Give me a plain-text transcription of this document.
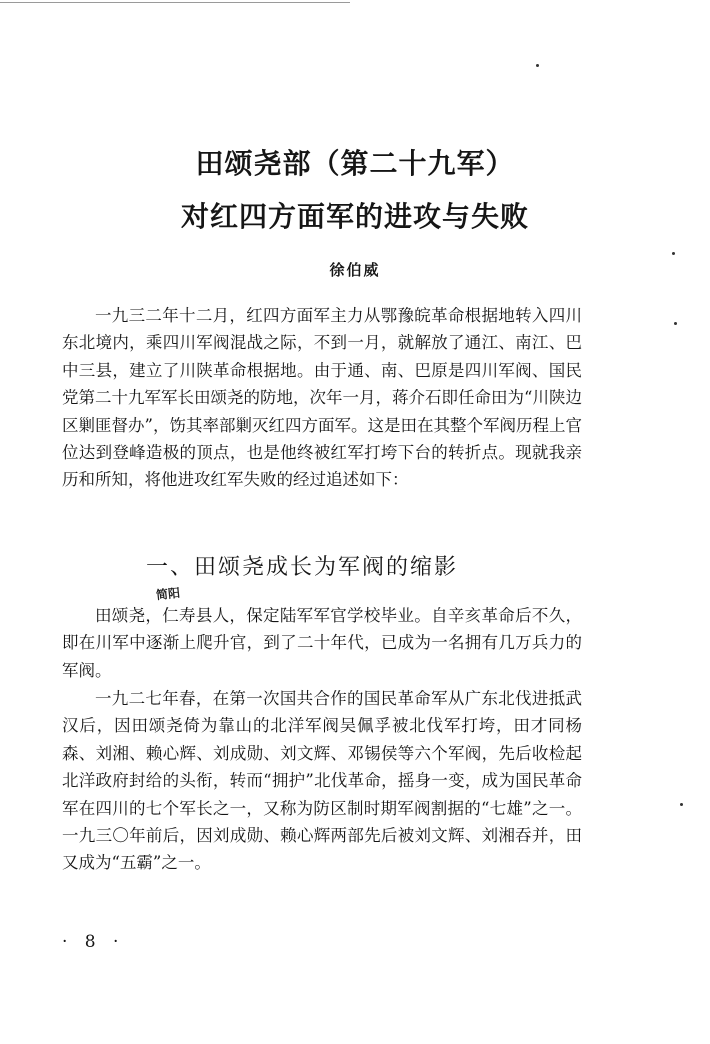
田颂尧部（第二十九军）
对红四方面军的进攻与失败
徐伯威

一九三二年十二月，红四方面军主力从鄂豫皖革命根据地转入四川东北境内，乘四川军阀混战之际，不到一月，就解放了通江、南江、巴中三县，建立了川陕革命根据地。由于通、南、巴原是四川军阀、国民党第二十九军军长田颂尧的防地，次年一月，蒋介石即任命田为“川陕边区剿匪督办”，饬其率部剿灭红四方面军。这是田在其整个军阀历程上官位达到登峰造极的顶点，也是他终被红军打垮下台的转折点。现就我亲历和所知，将他进攻红军失败的经过追述如下：

一、田颂尧成长为军阀的缩影
简阳

田颂尧，仁寿县人，保定陆军军官学校毕业。自辛亥革命后不久，即在川军中逐渐上爬升官，到了二十年代，已成为一名拥有几万兵力的军阀。

一九二七年春，在第一次国共合作的国民革命军从广东北伐进抵武汉后，因田颂尧倚为靠山的北洋军阀吴佩孚被北伐军打垮，田才同杨森、刘湘、赖心辉、刘成勋、刘文辉、邓锡侯等六个军阀，先后收检起北洋政府封给的头衔，转而“拥护”北伐革命，摇身一变，成为国民革命军在四川的七个军长之一，又称为防区制时期军阀割据的“七雄”之一。一九三〇年前后，因刘成勋、赖心辉两部先后被刘文辉、刘湘吞并，田又成为“五霸”之一。

· 8 ·
